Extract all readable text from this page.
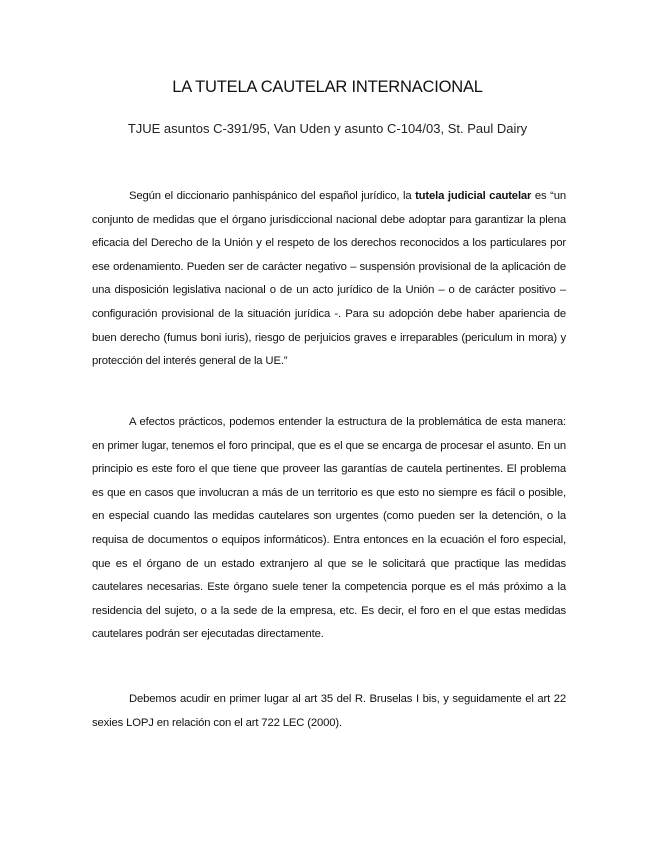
LA TUTELA CAUTELAR INTERNACIONAL
TJUE asuntos C-391/95, Van Uden y asunto C-104/03, St. Paul Dairy

Según el diccionario panhispánico del español jurídico, la tutela judicial cautelar es “un conjunto de medidas que el órgano jurisdiccional nacional debe adoptar para garantizar la plena eficacia del Derecho de la Unión y el respeto de los derechos reconocidos a los particulares por ese ordenamiento. Pueden ser de carácter negativo – suspensión provisional de la aplicación de una disposición legislativa nacional o de un acto jurídico de la Unión – o de carácter positivo – configuración provisional de la situación jurídica -. Para su adopción debe haber apariencia de buen derecho (fumus boni iuris), riesgo de perjuicios graves e irreparables (periculum in mora) y protección del interés general de la UE.”

A efectos prácticos, podemos entender la estructura de la problemática de esta manera: en primer lugar, tenemos el foro principal, que es el que se encarga de procesar el asunto. En un principio es este foro el que tiene que proveer las garantías de cautela pertinentes. El problema es que en casos que involucran a más de un territorio es que esto no siempre es fácil o posible, en especial cuando las medidas cautelares son urgentes (como pueden ser la detención, o la requisa de documentos o equipos informáticos). Entra entonces en la ecuación el foro especial, que es el órgano de un estado extranjero al que se le solicitará que practique las medidas cautelares necesarias. Este órgano suele tener la competencia porque es el más próximo a la residencia del sujeto, o a la sede de la empresa, etc. Es decir, el foro en el que estas medidas cautelares podrán ser ejecutadas directamente.

Debemos acudir en primer lugar al art 35 del R. Bruselas I bis, y seguidamente el art 22 sexies LOPJ en relación con el art 722 LEC (2000).
